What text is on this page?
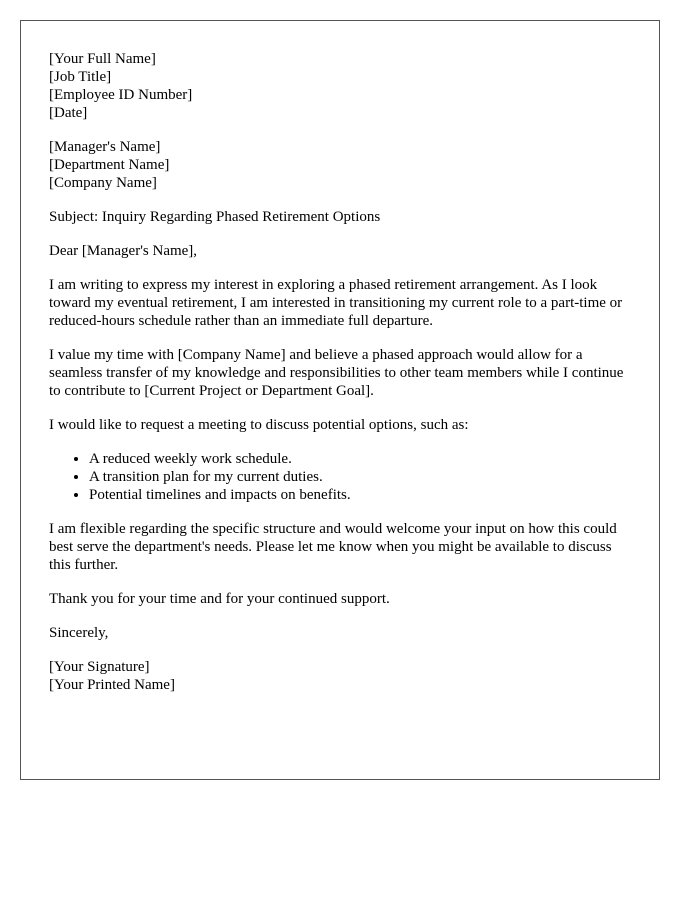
[Your Full Name]
[Job Title]
[Employee ID Number]
[Date]
[Manager's Name]
[Department Name]
[Company Name]

Subject: Inquiry Regarding Phased Retirement Options

Dear [Manager's Name],

I am writing to express my interest in exploring a phased retirement arrangement. As I look toward my eventual retirement, I am interested in transitioning my current role to a part-time or reduced-hours schedule rather than an immediate full departure.

I value my time with [Company Name] and believe a phased approach would allow for a seamless transfer of my knowledge and responsibilities to other team members while I continue to contribute to [Current Project or Department Goal].

I would like to request a meeting to discuss potential options, such as:

• A reduced weekly work schedule.
• A transition plan for my current duties.
• Potential timelines and impacts on benefits.

I am flexible regarding the specific structure and would welcome your input on how this could best serve the department's needs. Please let me know when you might be available to discuss this further.

Thank you for your time and for your continued support.

Sincerely,

[Your Signature]
[Your Printed Name]
